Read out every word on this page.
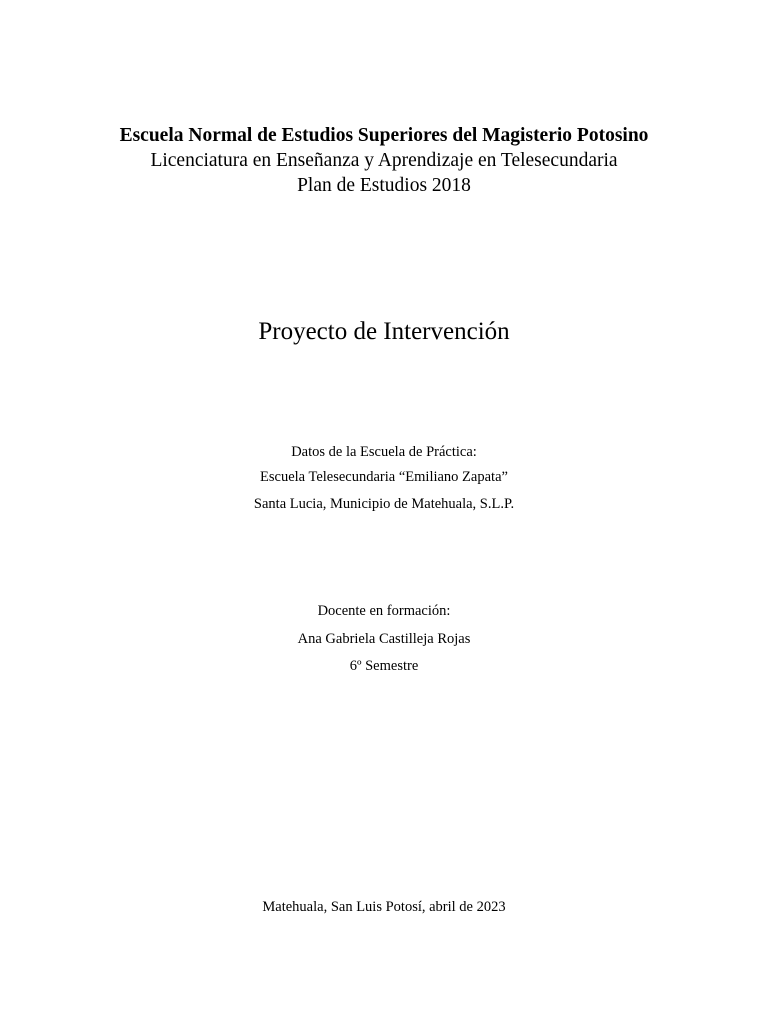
Escuela Normal de Estudios Superiores del Magisterio Potosino
Licenciatura en Enseñanza y Aprendizaje en Telesecundaria
Plan de Estudios 2018
Proyecto de Intervención
Datos de la Escuela de Práctica:
Escuela Telesecundaria “Emiliano Zapata”
Santa Lucia, Municipio de Matehuala, S.L.P.
Docente en formación:
Ana Gabriela Castilleja Rojas
6º Semestre
Matehuala, San Luis Potosí, abril de 2023
